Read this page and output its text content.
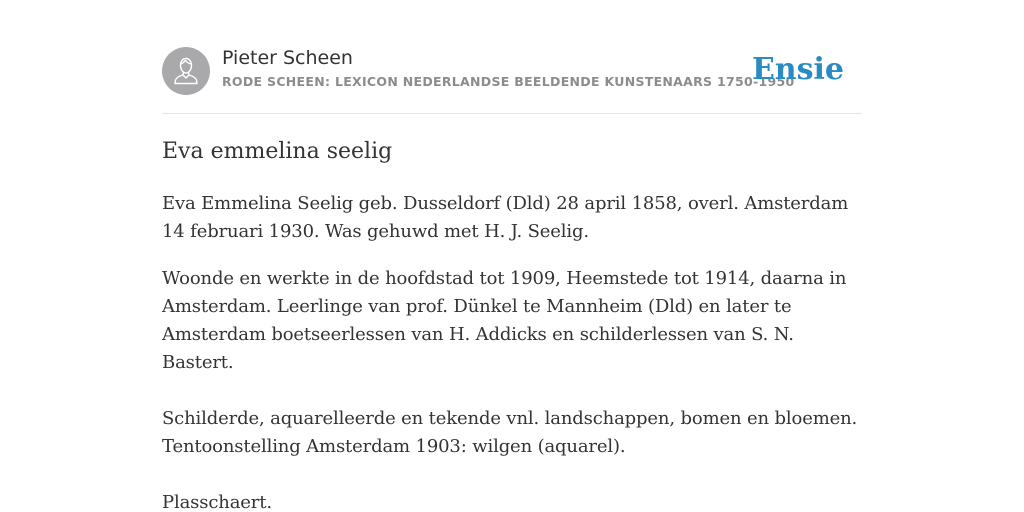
Pieter Scheen
RODE SCHEEN: LEXICON NEDERLANDSE BEELDENDE KUNSTENAARS 1750-1950
Ensie
Eva emmelina seelig

Eva Emmelina Seelig geb. Dusseldorf (Dld) 28 april 1858, overl. Amsterdam 14 februari 1930. Was gehuwd met H. J. Seelig.

Woonde en werkte in de hoofdstad tot 1909, Heemstede tot 1914, daarna in Amsterdam. Leerlinge van prof. Dünkel te Mannheim (Dld) en later te Amsterdam boetseerlessen van H. Addicks en schilderlessen van S. N. Bastert.

Schilderde, aquarelleerde en tekende vnl. landschappen, bomen en bloemen. Tentoonstelling Amsterdam 1903: wilgen (aquarel).

Plasschaert.
